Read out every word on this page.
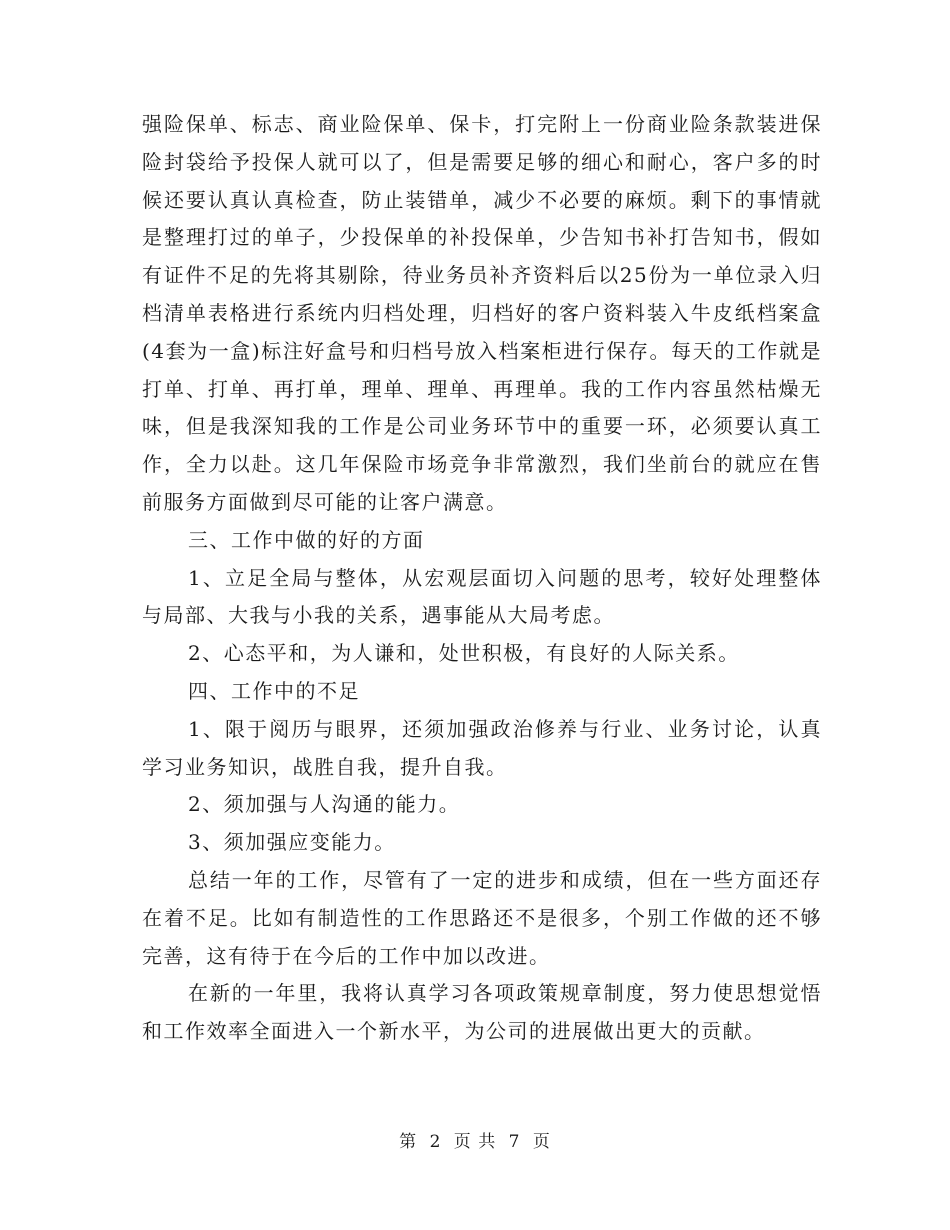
强险保单、标志、商业险保单、保卡，打完附上一份商业险条款装进保险封袋给予投保人就可以了，但是需要足够的细心和耐心，客户多的时候还要认真认真检查，防止装错单，减少不必要的麻烦。剩下的事情就是整理打过的单子，少投保单的补投保单，少告知书补打告知书，假如有证件不足的先将其剔除，待业务员补齐资料后以25份为一单位录入归档清单表格进行系统内归档处理，归档好的客户资料装入牛皮纸档案盒(4套为一盒)标注好盒号和归档号放入档案柜进行保存。每天的工作就是打单、打单、再打单，理单、理单、再理单。我的工作内容虽然枯燥无味，但是我深知我的工作是公司业务环节中的重要一环，必须要认真工作，全力以赴。这几年保险市场竞争非常激烈，我们坐前台的就应在售前服务方面做到尽可能的让客户满意。

三、工作中做的好的方面

1、立足全局与整体，从宏观层面切入问题的思考，较好处理整体与局部、大我与小我的关系，遇事能从大局考虑。

2、心态平和，为人谦和，处世积极，有良好的人际关系。

四、工作中的不足

1、限于阅历与眼界，还须加强政治修养与行业、业务讨论，认真学习业务知识，战胜自我，提升自我。

2、须加强与人沟通的能力。

3、须加强应变能力。

总结一年的工作，尽管有了一定的进步和成绩，但在一些方面还存在着不足。比如有制造性的工作思路还不是很多，个别工作做的还不够完善，这有待于在今后的工作中加以改进。

在新的一年里，我将认真学习各项政策规章制度，努力使思想觉悟和工作效率全面进入一个新水平，为公司的进展做出更大的贡献。

第 2 页 共 7 页
